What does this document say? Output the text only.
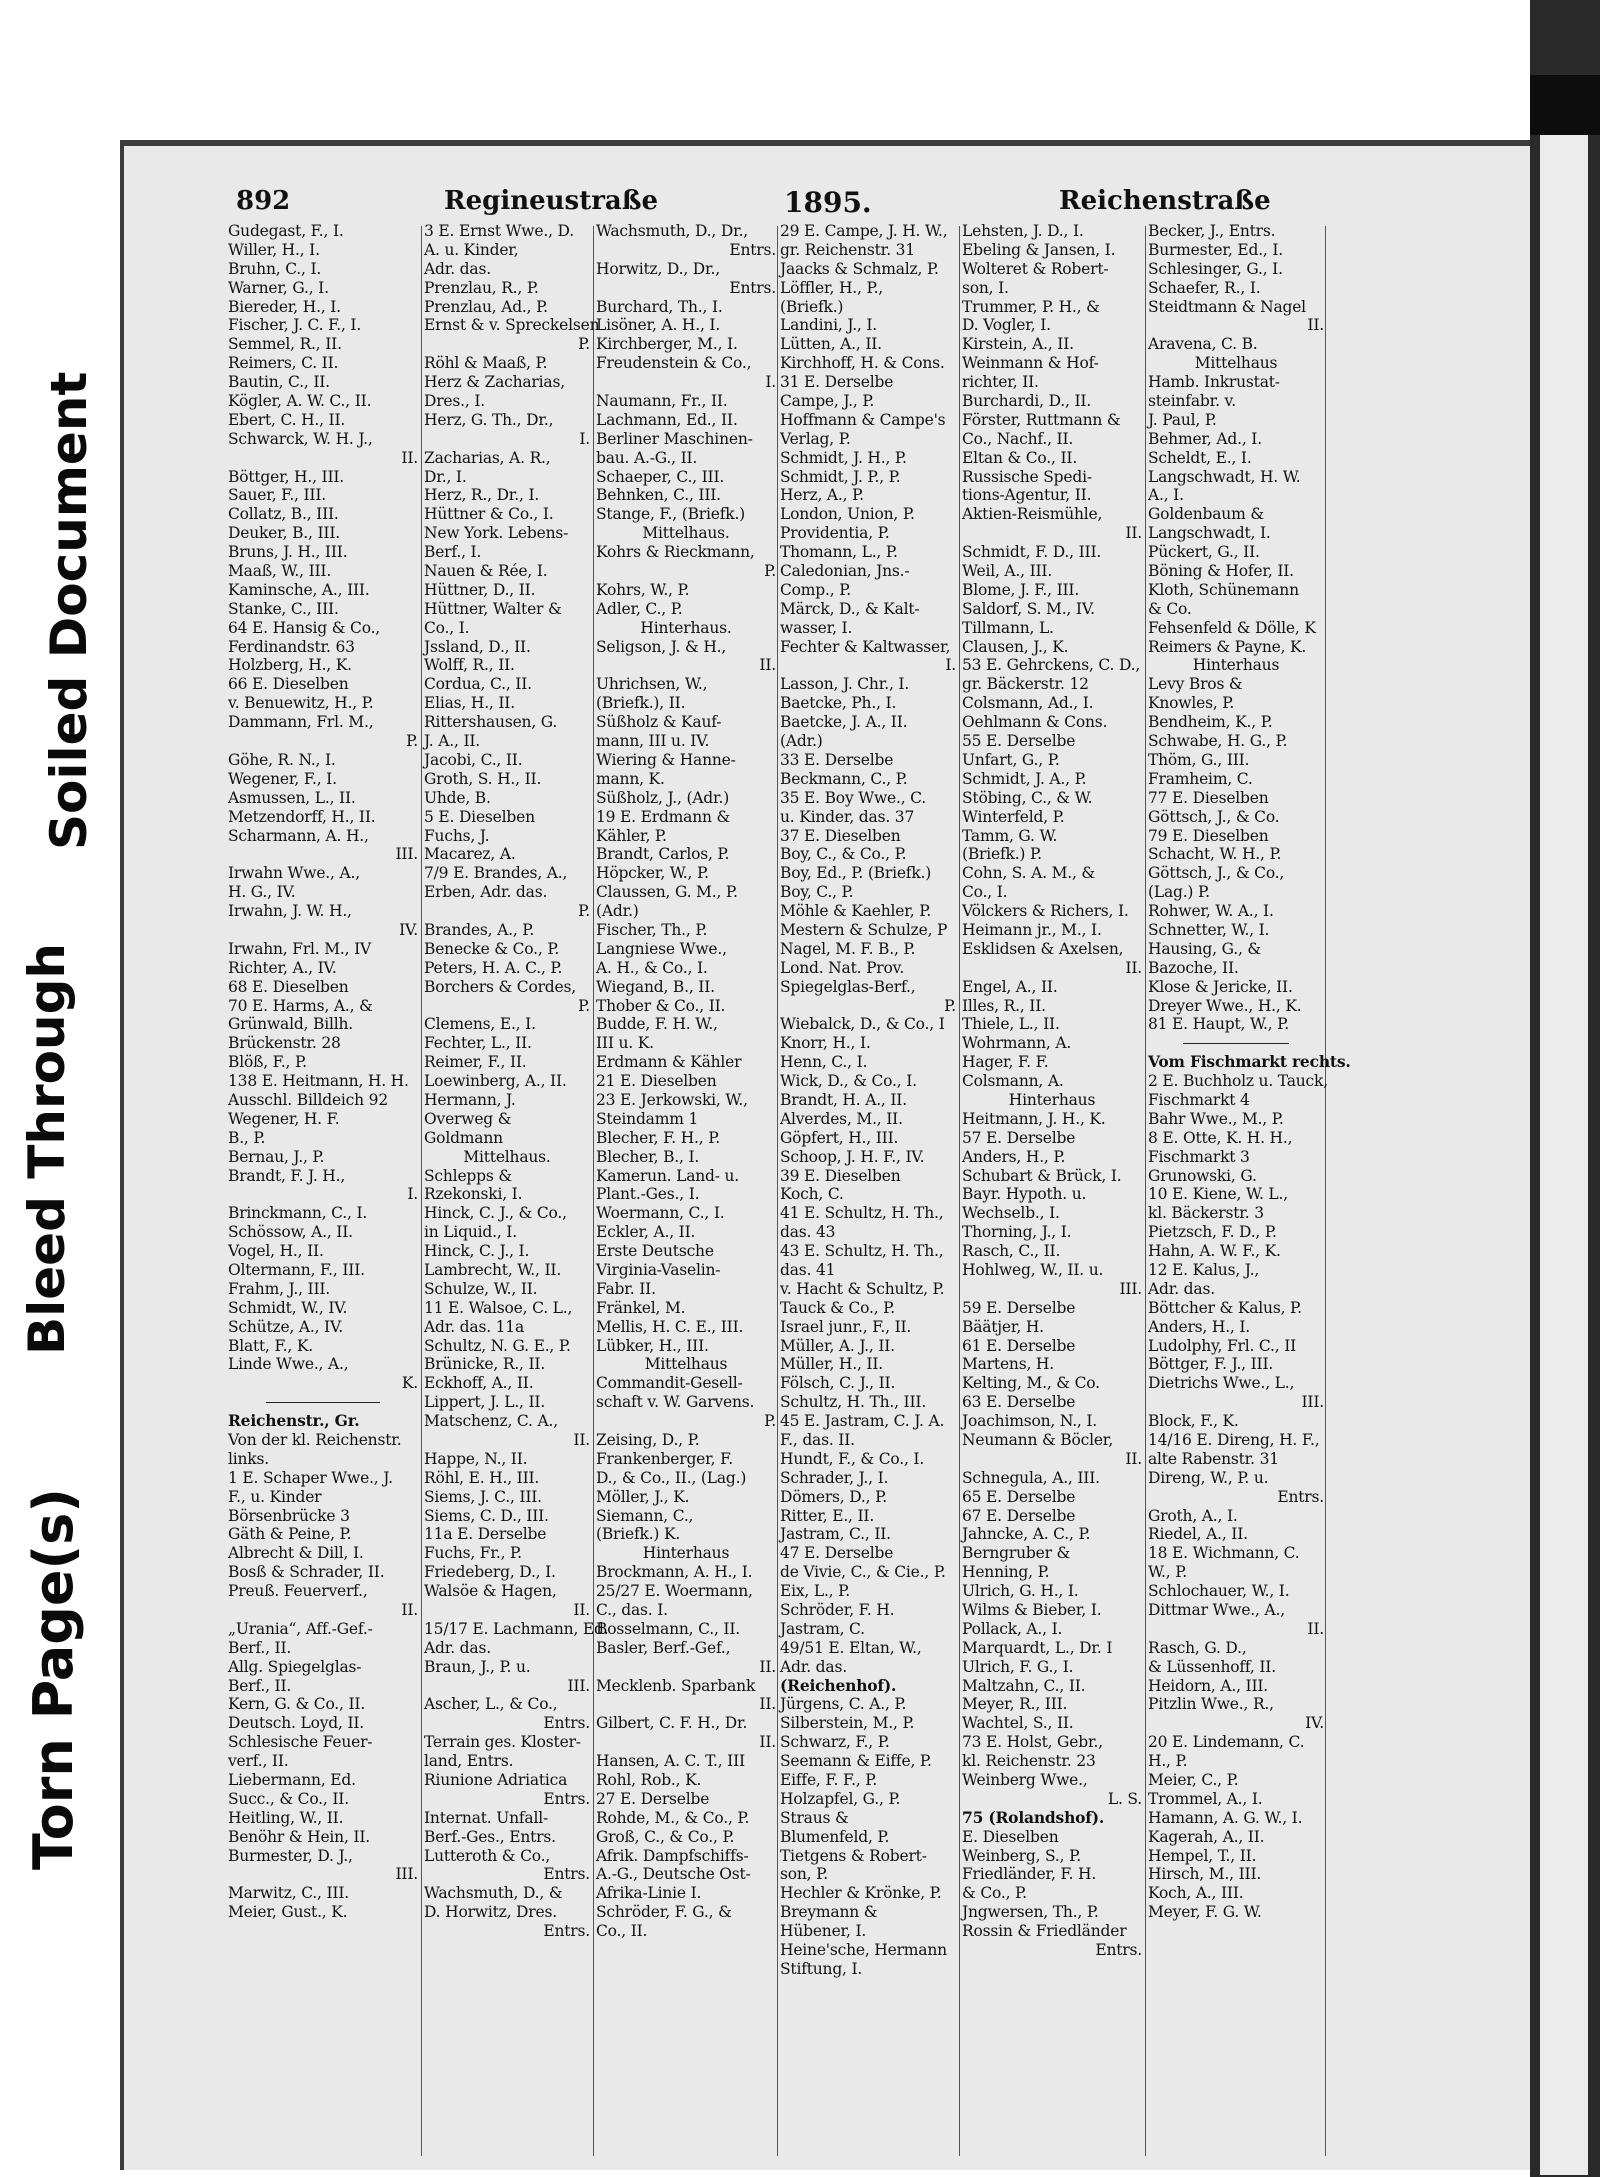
Torn Page(s)
Bleed Through
Soiled Document
892	Regineustraße	1895.	Reichenstraße
Gudegast, F., I.
Willer, H., I.
Bruhn, C., I.
Warner, G., I.
Biereder, H., I.
Fischer, J. C. F., I.
Semmel, R., II.
Reimers, C. II.
Bautin, C., II.
Kögler, A. W. C., II.
Ebert, C. H., II.
Schwarck, W. H. J.,
II.
Böttger, H., III.
Sauer, F., III.
Collatz, B., III.
Deuker, B., III.
Bruns, J. H., III.
Maaß, W., III.
Kaminsche, A., III.
Stanke, C., III.
64 E. Hansig & Co.,
Ferdinandstr. 63
Holzberg, H., K.
66 E. Dieselben
v. Benuewitz, H., P.
Dammann, Frl. M.,
P.
Göhe, R. N., I.
Wegener, F., I.
Asmussen, L., II.
Metzendorff, H., II.
Scharmann, A. H.,
III.
Irwahn Wwe., A.,
H. G., IV.
Irwahn, J. W. H.,
IV.
Irwahn, Frl. M., IV
Richter, A., IV.
68 E. Dieselben
70 E. Harms, A., &
Grünwald, Billh.
Brückenstr. 28
Blöß, F., P.
138 E. Heitmann, H. H.
Ausschl. Billdeich 92
Wegener, H. F.
B., P.
Bernau, J., P.
Brandt, F. J. H.,
I.
Brinckmann, C., I.
Schössow, A., II.
Vogel, H., II.
Oltermann, F., III.
Frahm, J., III.
Schmidt, W., IV.
Schütze, A., IV.
Blatt, F., K.
Linde Wwe., A.,
K.
Reichenstr., Gr.
Von der kl. Reichenstr.
links.
1 E. Schaper Wwe., J.
F., u. Kinder
Börsenbrücke 3
Gäth & Peine, P.
Albrecht & Dill, I.
Bosß & Schrader, II.
Preuß. Feuerverf.,
II.
„Urania“, Aff.-Gef.-
Berf., II.
Allg. Spiegelglas-
Berf., II.
Kern, G. & Co., II.
Deutsch. Loyd, II.
Schlesische Feuer-
verf., II.
Liebermann, Ed.
Succ., & Co., II.
Heitling, W., II.
Benöhr & Hein, II.
Burmester, D. J.,
III.
Marwitz, C., III.
Meier, Gust., K.
3 E. Ernst Wwe., D.
A. u. Kinder,
Adr. das.
Prenzlau, R., P.
Prenzlau, Ad., P.
Ernst & v. Spreckelsen
P.
Röhl & Maaß, P.
Herz & Zacharias,
Dres., I.
Herz, G. Th., Dr.,
I.
Zacharias, A. R.,
Dr., I.
Herz, R., Dr., I.
Hüttner & Co., I.
New York. Lebens-
Berf., I.
Nauen & Rée, I.
Hüttner, D., II.
Hüttner, Walter &
Co., I.
Jssland, D., II.
Wolff, R., II.
Cordua, C., II.
Elias, H., II.
Rittershausen, G.
J. A., II.
Jacobi, C., II.
Groth, S. H., II.
Uhde, B.
5 E. Dieselben
Fuchs, J.
Macarez, A.
7/9 E. Brandes, A.,
Erben, Adr. das.
P.
Brandes, A., P.
Benecke & Co., P.
Peters, H. A. C., P.
Borchers & Cordes,
P.
Clemens, E., I.
Fechter, L., II.
Reimer, F., II.
Loewinberg, A., II.
Hermann, J.
Overweg &
Goldmann
Mittelhaus.
Schlepps &
Rzekonski, I.
Hinck, C. J., & Co.,
in Liquid., I.
Hinck, C. J., I.
Lambrecht, W., II.
Schulze, W., II.
11 E. Walsoe, C. L.,
Adr. das. 11a
Schultz, N. G. E., P.
Brünicke, R., II.
Eckhoff, A., II.
Lippert, J. L., II.
Matschenz, C. A.,
II.
Happe, N., II.
Röhl, E. H., III.
Siems, J. C., III.
Siems, C. D., III.
11a E. Derselbe
Fuchs, Fr., P.
Friedeberg, D., I.
Walsöe & Hagen,
II.
15/17 E. Lachmann, Ed.
Adr. das.
Braun, J., P. u.
III.
Ascher, L., & Co.,
Entrs.
Terrain ges. Kloster-
land, Entrs.
Riunione Adriatica
Entrs.
Internat. Unfall-
Berf.-Ges., Entrs.
Lutteroth & Co.,
Entrs.
Wachsmuth, D., &
D. Horwitz, Dres.
Entrs.
Wachsmuth, D., Dr.,
Entrs.
Horwitz, D., Dr.,
Entrs.
Burchard, Th., I.
Lisöner, A. H., I.
Kirchberger, M., I.
Freudenstein & Co.,
I.
Naumann, Fr., II.
Lachmann, Ed., II.
Berliner Maschinen-
bau. A.-G., II.
Schaeper, C., III.
Behnken, C., III.
Stange, F., (Briefk.)
Mittelhaus.
Kohrs & Rieckmann,
P.
Kohrs, W., P.
Adler, C., P.
Hinterhaus.
Seligson, J. & H.,
II.
Uhrichsen, W.,
(Briefk.), II.
Süßholz & Kauf-
mann, III u. IV.
Wiering & Hanne-
mann, K.
Süßholz, J., (Adr.)
19 E. Erdmann &
Kähler, P.
Brandt, Carlos, P.
Höpcker, W., P.
Claussen, G. M., P.
(Adr.)
Fischer, Th., P.
Langniese Wwe.,
A. H., & Co., I.
Wiegand, B., II.
Thober & Co., II.
Budde, F. H. W.,
III u. K.
Erdmann & Kähler
21 E. Dieselben
23 E. Jerkowski, W.,
Steindamm 1
Blecher, F. H., P.
Blecher, B., I.
Kamerun. Land- u.
Plant.-Ges., I.
Woermann, C., I.
Eckler, A., II.
Erste Deutsche
Virginia-Vaselin-
Fabr. II.
Fränkel, M.
Mellis, H. C. E., III.
Lübker, H., III.
Mittelhaus
Commandit-Gesell-
schaft v. W. Garvens.
P.
Zeising, D., P.
Frankenberger, F.
D., & Co., II., (Lag.)
Möller, J., K.
Siemann, C.,
(Briefk.) K.
Hinterhaus
Brockmann, A. H., I.
25/27 E. Woermann,
C., das. I.
Bosselmann, C., II.
Basler, Berf.-Gef.,
II.
Mecklenb. Sparbank
II.
Gilbert, C. F. H., Dr.
II.
Hansen, A. C. T., III
Rohl, Rob., K.
27 E. Derselbe
Rohde, M., & Co., P.
Groß, C., & Co., P.
Afrik. Dampfschiffs-
A.-G., Deutsche Ost-
Afrika-Linie I.
Schröder, F. G., &
Co., II.
29 E. Campe, J. H. W.,
gr. Reichenstr. 31
Jaacks & Schmalz, P.
Löffler, H., P.,
(Briefk.)
Landini, J., I.
Lütten, A., II.
Kirchhoff, H. & Cons.
31 E. Derselbe
Campe, J., P.
Hoffmann & Campe's
Verlag, P.
Schmidt, J. H., P.
Schmidt, J. P., P.
Herz, A., P.
London, Union, P.
Providentia, P.
Thomann, L., P.
Caledonian, Jns.-
Comp., P.
Märck, D., & Kalt-
wasser, I.
Fechter & Kaltwasser,
I.
Lasson, J. Chr., I.
Baetcke, Ph., I.
Baetcke, J. A., II.
(Adr.)
33 E. Derselbe
Beckmann, C., P.
35 E. Boy Wwe., C.
u. Kinder, das. 37
37 E. Dieselben
Boy, C., & Co., P.
Boy, Ed., P. (Briefk.)
Boy, C., P.
Möhle & Kaehler, P.
Mestern & Schulze, P
Nagel, M. F. B., P.
Lond. Nat. Prov.
Spiegelglas-Berf.,
P.
Wiebalck, D., & Co., I
Knorr, H., I.
Henn, C., I.
Wick, D., & Co., I.
Brandt, H. A., II.
Alverdes, M., II.
Göpfert, H., III.
Schoop, J. H. F., IV.
39 E. Dieselben
Koch, C.
41 E. Schultz, H. Th.,
das. 43
43 E. Schultz, H. Th.,
das. 41
v. Hacht & Schultz, P.
Tauck & Co., P.
Israel junr., F., II.
Müller, A. J., II.
Müller, H., II.
Fölsch, C. J., II.
Schultz, H. Th., III.
45 E. Jastram, C. J. A.
F., das. II.
Hundt, F., & Co., I.
Schrader, J., I.
Dömers, D., P.
Ritter, E., II.
Jastram, C., II.
47 E. Derselbe
de Vivie, C., & Cie., P.
Eix, L., P.
Schröder, F. H.
Jastram, C.
49/51 E. Eltan, W.,
Adr. das.
(Reichenhof).
Jürgens, C. A., P.
Silberstein, M., P.
Schwarz, F., P.
Seemann & Eiffe, P.
Eiffe, F. F., P.
Holzapfel, G., P.
Straus &
Blumenfeld, P.
Tietgens & Robert-
son, P.
Hechler & Krönke, P.
Breymann &
Hübener, I.
Heine'sche, Hermann
Stiftung, I.
Lehsten, J. D., I.
Ebeling & Jansen, I.
Wolteret & Robert-
son, I.
Trummer, P. H., &
D. Vogler, I.
Kirstein, A., II.
Weinmann & Hof-
richter, II.
Burchardi, D., II.
Förster, Ruttmann &
Co., Nachf., II.
Eltan & Co., II.
Russische Spedi-
tions-Agentur, II.
Aktien-Reismühle,
II.
Schmidt, F. D., III.
Weil, A., III.
Blome, J. F., III.
Saldorf, S. M., IV.
Tillmann, L.
Clausen, J., K.
53 E. Gehrckens, C. D.,
gr. Bäckerstr. 12
Colsmann, Ad., I.
Oehlmann & Cons.
55 E. Derselbe
Unfart, G., P.
Schmidt, J. A., P.
Stöbing, C., & W.
Winterfeld, P.
Tamm, G. W.
(Briefk.) P.
Cohn, S. A. M., &
Co., I.
Völckers & Richers, I.
Heimann jr., M., I.
Esklidsen & Axelsen,
II.
Engel, A., II.
Illes, R., II.
Thiele, L., II.
Wohrmann, A.
Hager, F. F.
Colsmann, A.
Hinterhaus
Heitmann, J. H., K.
57 E. Derselbe
Anders, H., P.
Schubart & Brück, I.
Bayr. Hypoth. u.
Wechselb., I.
Thorning, J., I.
Rasch, C., II.
Hohlweg, W., II. u.
III.
59 E. Derselbe
Bäätjer, H.
61 E. Derselbe
Martens, H.
Kelting, M., & Co.
63 E. Derselbe
Joachimson, N., I.
Neumann & Böcler,
II.
Schnegula, A., III.
65 E. Derselbe
67 E. Derselbe
Jahncke, A. C., P.
Berngruber &
Henning, P.
Ulrich, G. H., I.
Wilms & Bieber, I.
Pollack, A., I.
Marquardt, L., Dr. I
Ulrich, F. G., I.
Maltzahn, C., II.
Meyer, R., III.
Wachtel, S., II.
73 E. Holst, Gebr.,
kl. Reichenstr. 23
Weinberg Wwe.,
L. S.
75 (Rolandshof).
E. Dieselben
Weinberg, S., P.
Friedländer, F. H.
& Co., P.
Jngwersen, Th., P.
Rossin & Friedländer
Entrs.
Becker, J., Entrs.
Burmester, Ed., I.
Schlesinger, G., I.
Schaefer, R., I.
Steidtmann & Nagel
II.
Aravena, C. B.
Mittelhaus
Hamb. Inkrustat-
steinfabr. v.
J. Paul, P.
Behmer, Ad., I.
Scheldt, E., I.
Langschwadt, H. W.
A., I.
Goldenbaum &
Langschwadt, I.
Pückert, G., II.
Böning & Hofer, II.
Kloth, Schünemann
& Co.
Fehsenfeld & Dölle, K
Reimers & Payne, K.
Hinterhaus
Levy Bros &
Knowles, P.
Bendheim, K., P.
Schwabe, H. G., P.
Thöm, G., III.
Framheim, C.
77 E. Dieselben
Göttsch, J., & Co.
79 E. Dieselben
Schacht, W. H., P.
Göttsch, J., & Co.,
(Lag.) P.
Rohwer, W. A., I.
Schnetter, W., I.
Hausing, G., &
Bazoche, II.
Klose & Jericke, II.
Dreyer Wwe., H., K.
81 E. Haupt, W., P.
Vom Fischmarkt rechts.
2 E. Buchholz u. Tauck,
Fischmarkt 4
Bahr Wwe., M., P.
8 E. Otte, K. H. H.,
Fischmarkt 3
Grunowski, G.
10 E. Kiene, W. L.,
kl. Bäckerstr. 3
Pietzsch, F. D., P.
Hahn, A. W. F., K.
12 E. Kalus, J.,
Adr. das.
Böttcher & Kalus, P.
Anders, H., I.
Ludolphy, Frl. C., II
Böttger, F. J., III.
Dietrichs Wwe., L.,
III.
Block, F., K.
14/16 E. Direng, H. F.,
alte Rabenstr. 31
Direng, W., P. u.
Entrs.
Groth, A., I.
Riedel, A., II.
18 E. Wichmann, C.
W., P.
Schlochauer, W., I.
Dittmar Wwe., A.,
II.
Rasch, G. D.,
& Lüssenhoff, II.
Heidorn, A., III.
Pitzlin Wwe., R.,
IV.
20 E. Lindemann, C.
H., P.
Meier, C., P.
Trommel, A., I.
Hamann, A. G. W., I.
Kagerah, A., II.
Hempel, T., II.
Hirsch, M., III.
Koch, A., III.
Meyer, F. G. W.
